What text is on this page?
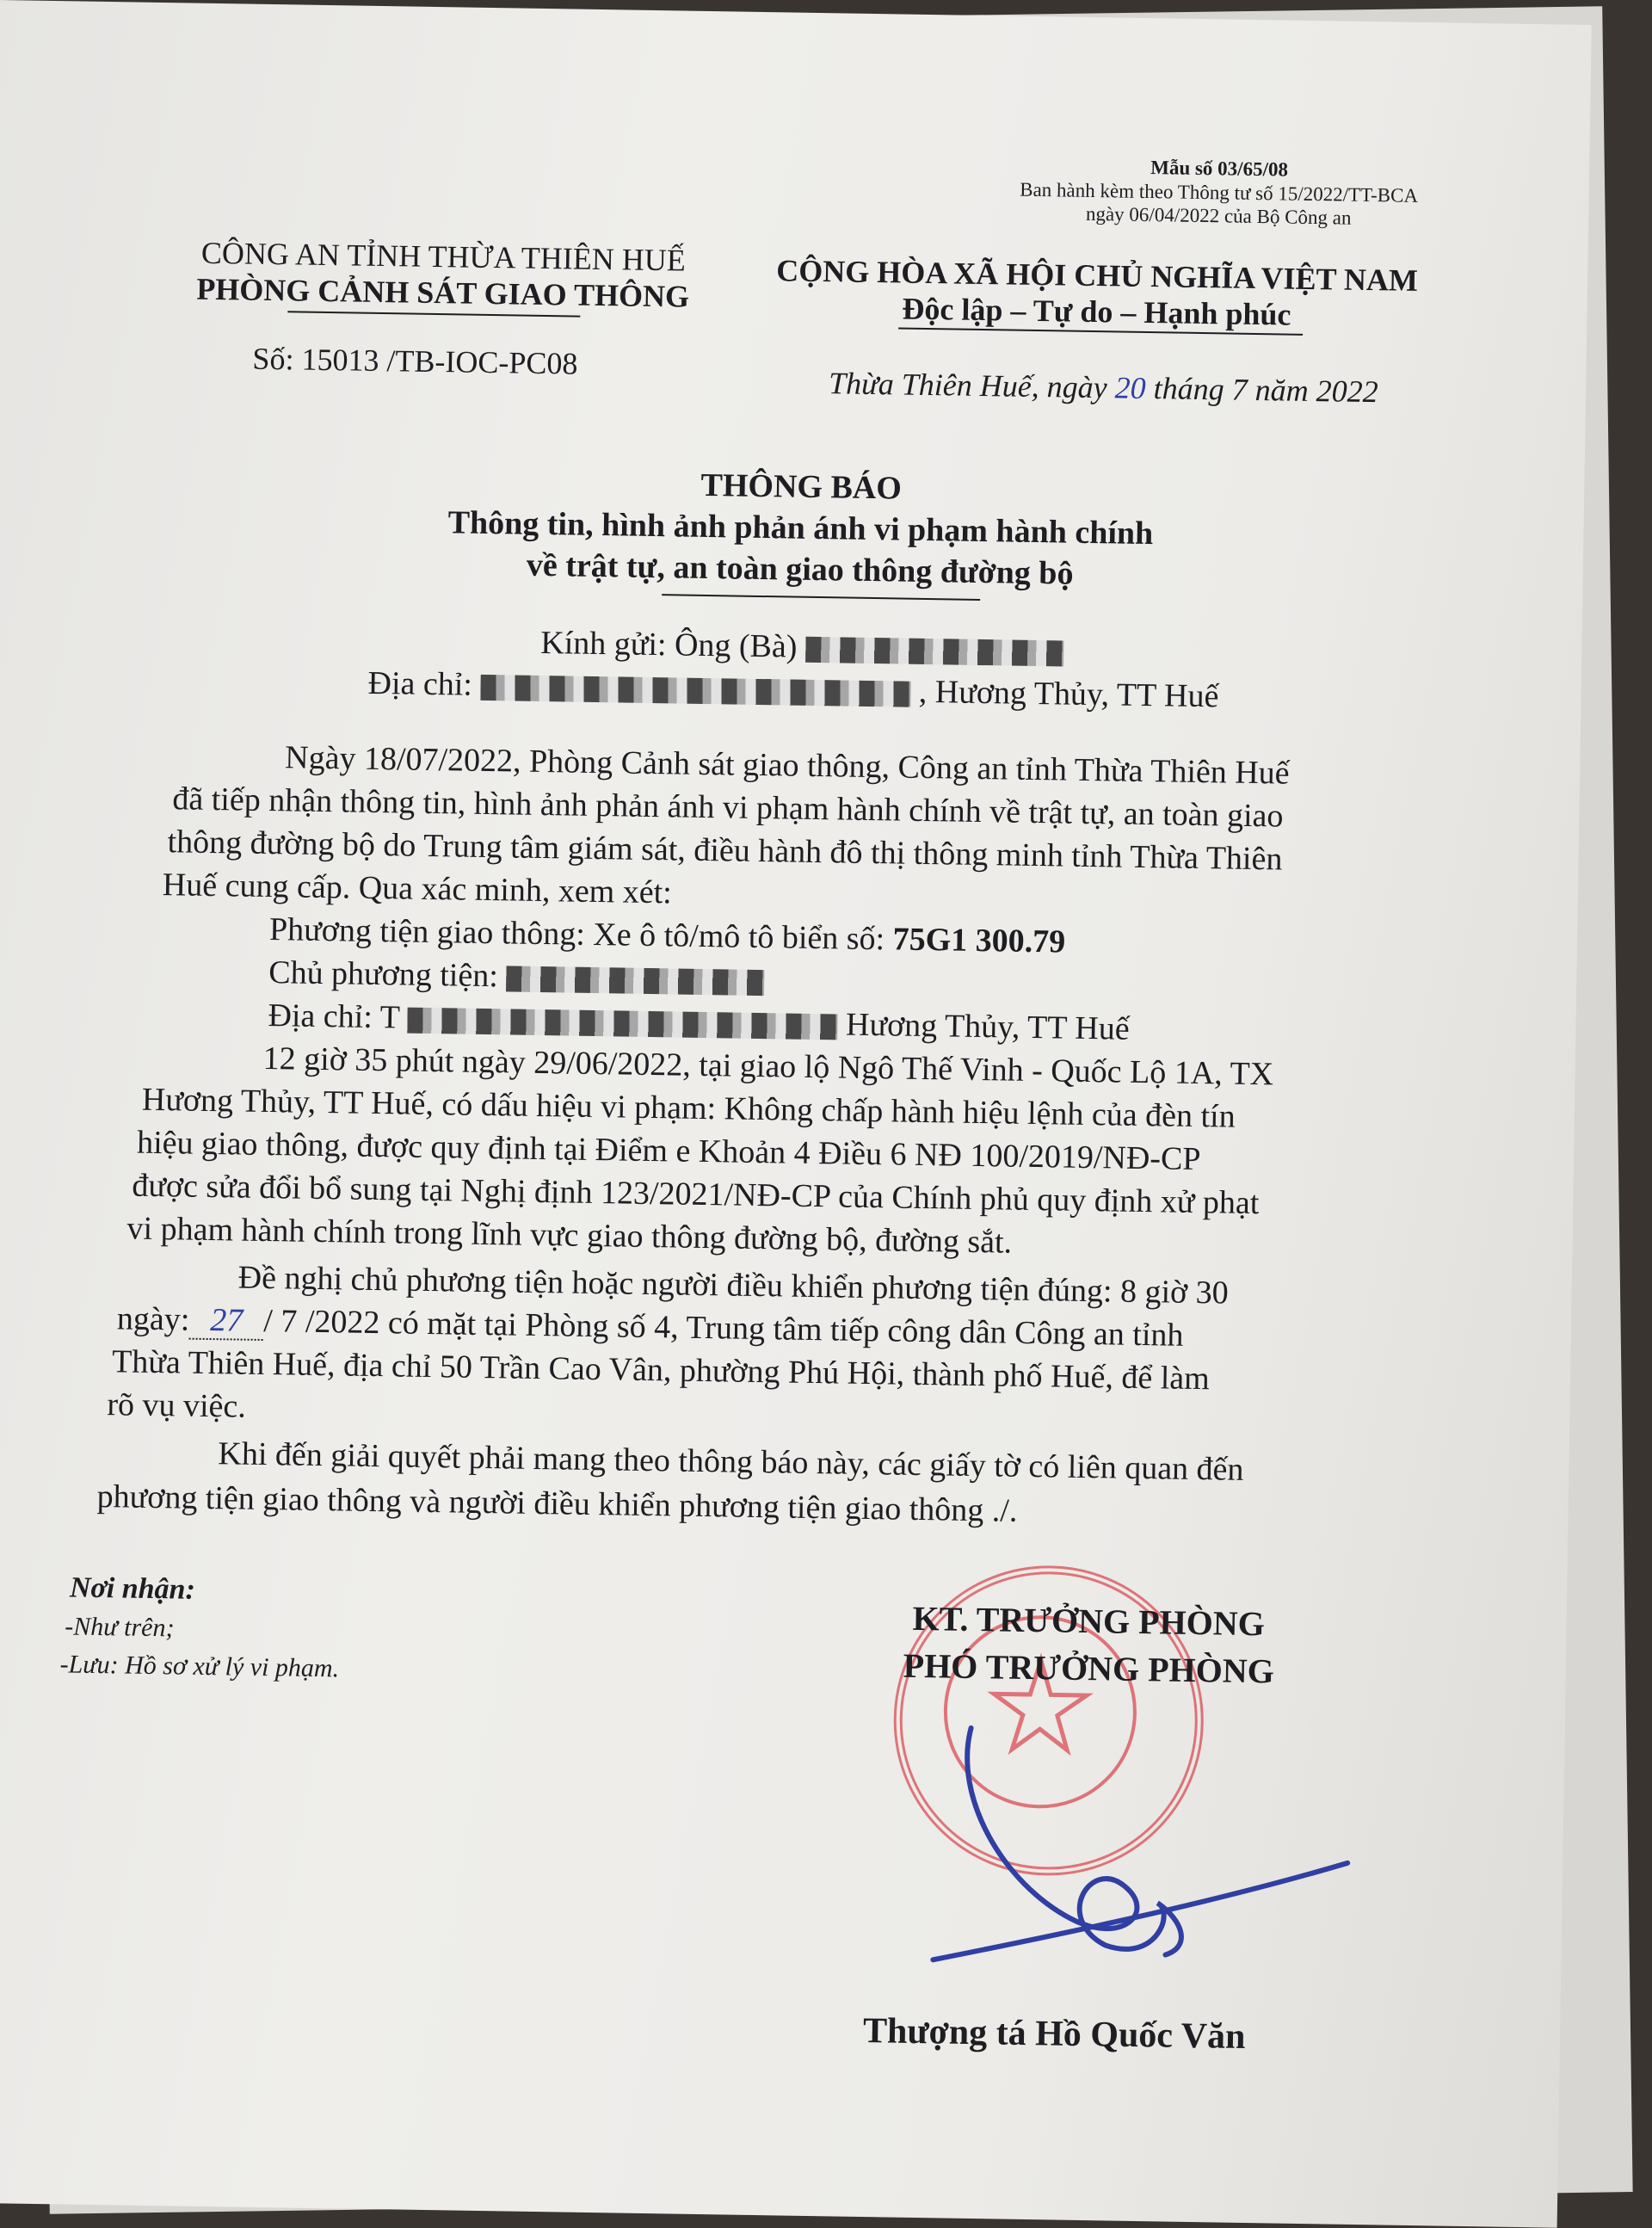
Mẫu số 03/65/08
Ban hành kèm theo Thông tư số 15/2022/TT-BCA
ngày 06/04/2022 của Bộ Công an
CÔNG AN TỈNH THỪA THIÊN HUẾ
PHÒNG CẢNH SÁT GIAO THÔNG
Số: 15013 /TB-IOC-PC08
CỘNG HÒA XÃ HỘI CHỦ NGHĨA VIỆT NAM
Độc lập – Tự do – Hạnh phúc
Thừa Thiên Huế, ngày 20 tháng 7 năm 2022
THÔNG BÁO
Thông tin, hình ảnh phản ánh vi phạm hành chính
về trật tự, an toàn giao thông đường bộ
Kính gửi: Ông (Bà)
Địa chỉ:	, Hương Thủy, TT Huế
Ngày 18/07/2022, Phòng Cảnh sát giao thông, Công an tỉnh Thừa Thiên Huế
đã tiếp nhận thông tin, hình ảnh phản ánh vi phạm hành chính về trật tự, an toàn giao
thông đường bộ do Trung tâm giám sát, điều hành đô thị thông minh tỉnh Thừa Thiên
Huế cung cấp. Qua xác minh, xem xét:
Phương tiện giao thông: Xe ô tô/mô tô biển số: 75G1 300.79
Chủ phương tiện:
Địa chỉ: T	Hương Thủy, TT Huế
12 giờ 35 phút ngày 29/06/2022, tại giao lộ Ngô Thế Vinh - Quốc Lộ 1A, TX
Hương Thủy, TT Huế, có dấu hiệu vi phạm: Không chấp hành hiệu lệnh của đèn tín
hiệu giao thông, được quy định tại Điểm e Khoản 4 Điều 6 NĐ 100/2019/NĐ-CP
được sửa đổi bổ sung tại Nghị định 123/2021/NĐ-CP của Chính phủ quy định xử phạt
vi phạm hành chính trong lĩnh vực giao thông đường bộ, đường sắt.
Đề nghị chủ phương tiện hoặc người điều khiển phương tiện đúng: 8 giờ 30
ngày: 27 / 7 /2022 có mặt tại Phòng số 4, Trung tâm tiếp công dân Công an tỉnh
Thừa Thiên Huế, địa chỉ 50 Trần Cao Vân, phường Phú Hội, thành phố Huế, để làm
rõ vụ việc.
Khi đến giải quyết phải mang theo thông báo này, các giấy tờ có liên quan đến
phương tiện giao thông và người điều khiển phương tiện giao thông ./.
Nơi nhận:
-Như trên;
-Lưu: Hồ sơ xử lý vi phạm.
KT. TRƯỞNG PHÒNG
PHÓ TRƯỞNG PHÒNG
Thượng tá Hồ Quốc Văn
